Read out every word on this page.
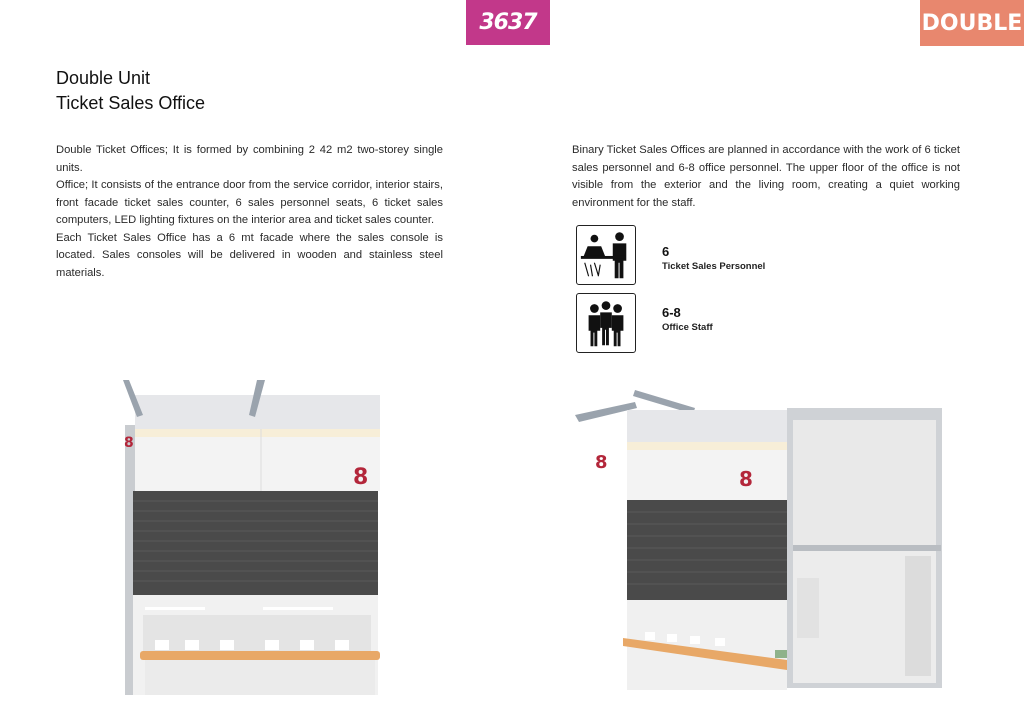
3637	DOUBLE
Double Unit
Ticket Sales Office

Double Ticket Offices; It is formed by combining 2 42 m2 two-storey single units.

Office; It consists of the entrance door from the service corridor, interior stairs, front facade ticket sales counter, 6 sales personnel seats, 6 ticket sales computers, LED lighting fixtures on the interior area and ticket sales counter.

Each Ticket Sales Office has a 6 mt facade where the sales console is located. Sales consoles will be delivered in wooden and stainless steel materials.

Binary Ticket Sales Offices are planned in accordance with the work of 6 ticket sales personnel and 6-8 office personnel. The upper floor of the office is not visible from the exterior and the living room, creating a quiet working environment for the staff.

6
Ticket Sales Personnel
6-8
Office Staff
8
8
8
8
